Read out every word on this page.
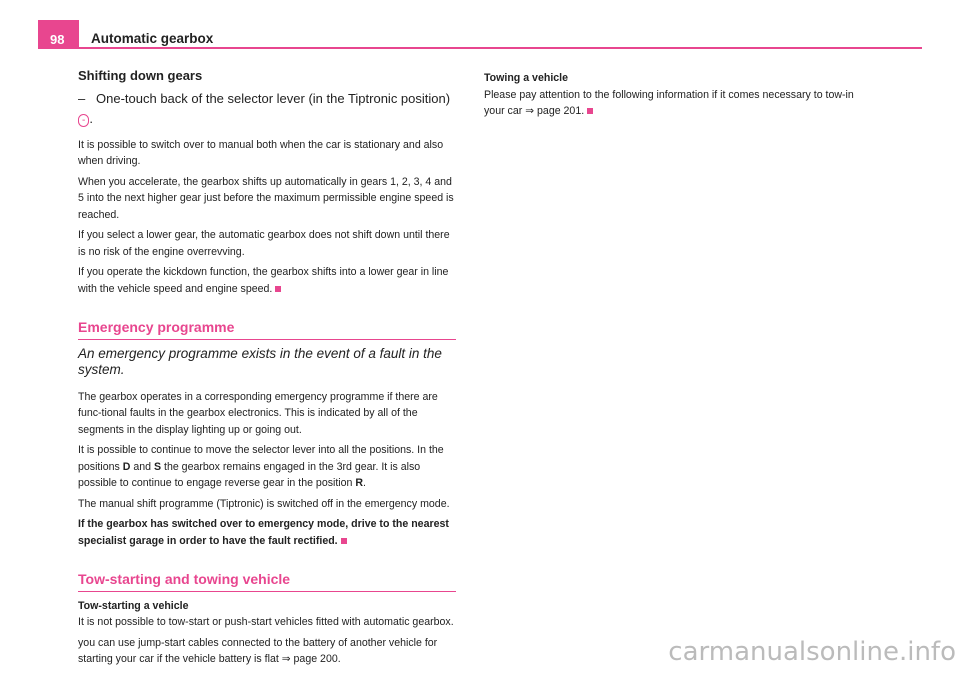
98 Automatic gearbox
Shifting down gears
– One-touch back of the selector lever (in the Tiptronic position) - .

It is possible to switch over to manual both when the car is stationary and also when driving.

When you accelerate, the gearbox shifts up automatically in gears 1, 2, 3, 4 and 5 into the next higher gear just before the maximum permissible engine speed is reached.

If you select a lower gear, the automatic gearbox does not shift down until there is no risk of the engine overrevving.

If you operate the kickdown function, the gearbox shifts into a lower gear in line with the vehicle speed and engine speed.

Emergency programme
An emergency programme exists in the event of a fault in the system.

The gearbox operates in a corresponding emergency programme if there are func-tional faults in the gearbox electronics. This is indicated by all of the segments in the display lighting up or going out.

It is possible to continue to move the selector lever into all the positions. In the positions D and S the gearbox remains engaged in the 3rd gear. It is also possible to continue to engage reverse gear in the position R.

The manual shift programme (Tiptronic) is switched off in the emergency mode.

If the gearbox has switched over to emergency mode, drive to the nearest specialist garage in order to have the fault rectified.

Tow-starting and towing vehicle

Tow-starting a vehicle

It is not possible to tow-start or push-start vehicles fitted with automatic gearbox.

you can use jump-start cables connected to the battery of another vehicle for starting your car if the vehicle battery is flat ⇒ page 200.

Towing a vehicle

Please pay attention to the following information if it comes necessary to tow-in your car ⇒ page 201.

carmanualsonline.info
